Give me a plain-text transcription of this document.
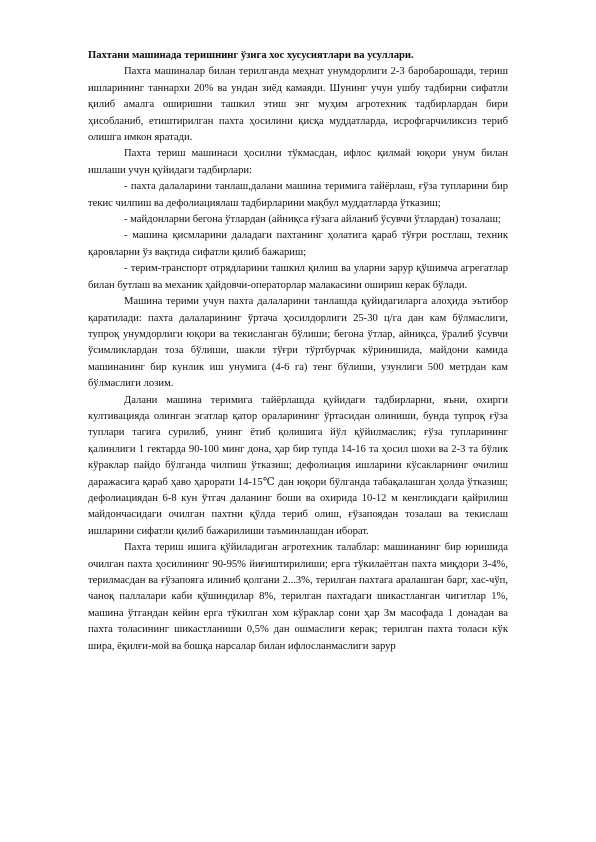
Пахтани машинада теришнинг ўзига хос хусусиятлари ва усуллари.

Пахта машиналар билан терилганда меҳнат унумдорлиги 2-3 баробарошади, териш ишларининг таннархи 20% ва ундан зиёд камаяди. Шунинг учун ушбу тадбирни сифатли қилиб амалга оширишни ташкил этиш энг муҳим агротехник тадбирлардан бири ҳисобланиб, етиштирилган пахта ҳосилини қисқа муддатларда, исрофгарчиликсиз териб олишга имкон яратади.

Пахта териш машинаси ҳосилни тўкмасдан, ифлос қилмай юқори унум билан ишлаши учун қуйидаги тадбирлари:

- пахта далаларини танлаш,далани машина теримига тайёрлаш, ғўза тупларини бир текис чилпиш ва дефолиациялаш тадбирларини мақбул муддатларда ўтказиш;

- майдонларни бегона ўтлардан (айниқса ғўзага айланиб ўсувчи ўтлардан) тозалаш;

- машина қисмларини даладаги пахтанинг ҳолатига қараб тўғри ростлаш, техник қаровларни ўз вақтида сифатли қилиб бажариш;

- терим-транспорт отрядларини ташкил қилиш ва уларни зарур қўшимча агрегатлар билан бутлаш ва механик ҳайдовчи-операторлар малакасини ошириш керак бўлади.

Машина терими учун пахта далаларини танлашда қуйидагиларга алоҳида эътибор қаратилади: пахта далаларининг ўртача ҳосилдорлиги 25-30 ц/га дан кам бўлмаслиги, тупроқ унумдорлиги юқори ва текисланган бўлиши; бегона ўтлар, айниқса, ўралиб ўсувчи ўсимликлардан тоза бўлиши, шакли тўғри тўртбурчак кўринишида, майдони камида машинанинг бир кунлик иш унумига (4-6 га) тенг бўлиши, узунлиги 500 метрдан кам бўлмаслиги лозим.

Далани машина теримига тайёрлашда қуйидаги тадбирларни, яъни, охирги култивацияда олинган эгатлар қатор ораларининг ўртасидан олиниши, бунда тупроқ ғўза туплари тагига сурилиб, унинг ётиб қолишига йўл қўйилмаслик; ғўза тупларининг қалинлиги 1 гектарда 90-100 минг дона, ҳар бир тупда 14-16 та ҳосил шохи ва 2-3 та бўлик кўраклар пайдо бўлганда чилпиш ўтказиш; дефолиация ишларини кўсакларнинг очилиш даражасига қараб ҳаво ҳарорати 14-15℃ дан юқори бўлганда табақалашган ҳолда ўтказиш; дефолиациядан 6-8 кун ўтгач даланинг боши ва охирида 10-12 м кенгликдаги қайрилиш майдончасидаги очилган пахтни қўлда териб олиш, ғўзапоядан тозалаш ва текислаш ишларини сифатли қилиб бажарилиши таъминлашдан иборат.

Пахта териш ишига қўйиладиган агротехник талаблар: машинанинг бир юришида очилган пахта ҳосилининг 90-95% йиғиштирилиши; ерга тўкилаётган пахта миқдори 3-4%, терилмасдан ва ғўзапояга илиниб қолгани 2...3%, терилган пахтага аралашган барг, хас-чўп, чаноқ паллалари каби қўшиндилар 8%, терилган пахтадаги шикастланган чигитлар 1%, машина ўтгандан кейин ерга тўкилган хом кўраклар сони ҳар 3м масофада 1 донадан ва пахта толасининг шикастланиши 0,5% дан ошмаслиги керак; терилган пахта толаси кўк шира, ёқилғи-мой ва бошқа нарсалар билан ифлосланмаслиги зарур
